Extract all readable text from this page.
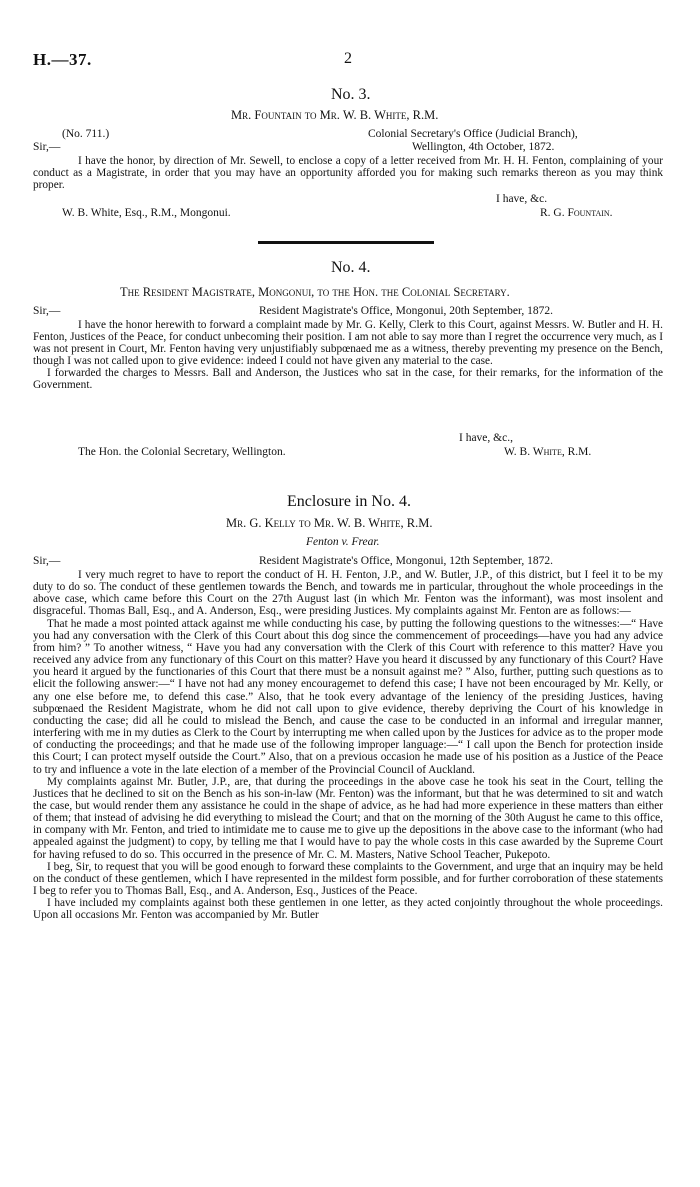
H.—37.	2
No. 3.
Mr. Fountain to Mr. W. B. White, R.M.
(No. 711.)	Colonial Secretary's Office (Judicial Branch),
Sir,—	Wellington, 4th October, 1872.

I have the honor, by direction of Mr. Sewell, to enclose a copy of a letter received from Mr. H. H. Fenton, complaining of your conduct as a Magistrate, in order that you may have an opportunity afforded you for making such remarks thereon as you may think proper.

I have, &c.
W. B. White, Esq., R.M., Mongonui.	R. G. Fountain.
No. 4.
The Resident Magistrate, Mongonui, to the Hon. the Colonial Secretary.
Sir,—	Resident Magistrate's Office, Mongonui, 20th September, 1872.

I have the honor herewith to forward a complaint made by Mr. G. Kelly, Clerk to this Court, against Messrs. W. Butler and H. H. Fenton, Justices of the Peace, for conduct unbecoming their position. I am not able to say more than I regret the occurrence very much, as I was not present in Court, Mr. Fenton having very unjustifiably subpœnaed me as a witness, thereby preventing my presence on the Bench, though I was not called upon to give evidence: indeed I could not have given any material to the case.

I forwarded the charges to Messrs. Ball and Anderson, the Justices who sat in the case, for their remarks, for the information of the Government.

I have, &c.,
The Hon. the Colonial Secretary, Wellington.	W. B. White, R.M.
Enclosure in No. 4.
Mr. G. Kelly to Mr. W. B. White, R.M.
Fenton v. Frear.
Sir,—	Resident Magistrate's Office, Mongonui, 12th September, 1872.

I very much regret to have to report the conduct of H. H. Fenton, J.P., and W. Butler, J.P., of this district, but I feel it to be my duty to do so. The conduct of these gentlemen towards the Bench, and towards me in particular, throughout the whole proceedings in the above case, which came before this Court on the 27th August last (in which Mr. Fenton was the informant), was most insolent and disgraceful. Thomas Ball, Esq., and A. Anderson, Esq., were presiding Justices. My complaints against Mr. Fenton are as follows:—

That he made a most pointed attack against me while conducting his case, by putting the following questions to the witnesses:—“ Have you had any conversation with the Clerk of this Court about this dog since the commencement of proceedings—have you had any advice from him? ” To another witness, “ Have you had any conversation with the Clerk of this Court with reference to this matter? Have you received any advice from any functionary of this Court on this matter? Have you heard it discussed by any functionary of this Court? Have you heard it argued by the functionaries of this Court that there must be a nonsuit against me? ” Also, further, putting such questions as to elicit the following answer:—“ I have not had any money encouragemet to defend this case; I have not been encouraged by Mr. Kelly, or any one else before me, to defend this case.” Also, that he took every advantage of the leniency of the presiding Justices, having subpœnaed the Resident Magistrate, whom he did not call upon to give evidence, thereby depriving the Court of his knowledge in conducting the case; did all he could to mislead the Bench, and cause the case to be conducted in an informal and irregular manner, interfering with me in my duties as Clerk to the Court by interrupting me when called upon by the Justices for advice as to the proper mode of conducting the proceedings; and that he made use of the following improper language:—“ I call upon the Bench for protection inside this Court; I can protect myself outside the Court.” Also, that on a previous occasion he made use of his position as a Justice of the Peace to try and influence a vote in the late election of a member of the Provincial Council of Auckland.

My complaints against Mr. Butler, J.P., are, that during the proceedings in the above case he took his seat in the Court, telling the Justices that he declined to sit on the Bench as his son-in-law (Mr. Fenton) was the informant, but that he was determined to sit and watch the case, but would render them any assistance he could in the shape of advice, as he had had more experience in these matters than either of them; that instead of advising he did everything to mislead the Court; and that on the morning of the 30th August he came to this office, in company with Mr. Fenton, and tried to intimidate me to cause me to give up the depositions in the above case to the informant (who had appealed against the judgment) to copy, by telling me that I would have to pay the whole costs in this case awarded by the Supreme Court for having refused to do so. This occurred in the presence of Mr. C. M. Masters, Native School Teacher, Pukepoto.

I beg, Sir, to request that you will be good enough to forward these complaints to the Government, and urge that an inquiry may be held on the conduct of these gentlemen, which I have represented in the mildest form possible, and for further corroboration of these statements I beg to refer you to Thomas Ball, Esq., and A. Anderson, Esq., Justices of the Peace.

I have included my complaints against both these gentlemen in one letter, as they acted conjointly throughout the whole proceedings. Upon all occasions Mr. Fenton was accompanied by Mr. Butler
